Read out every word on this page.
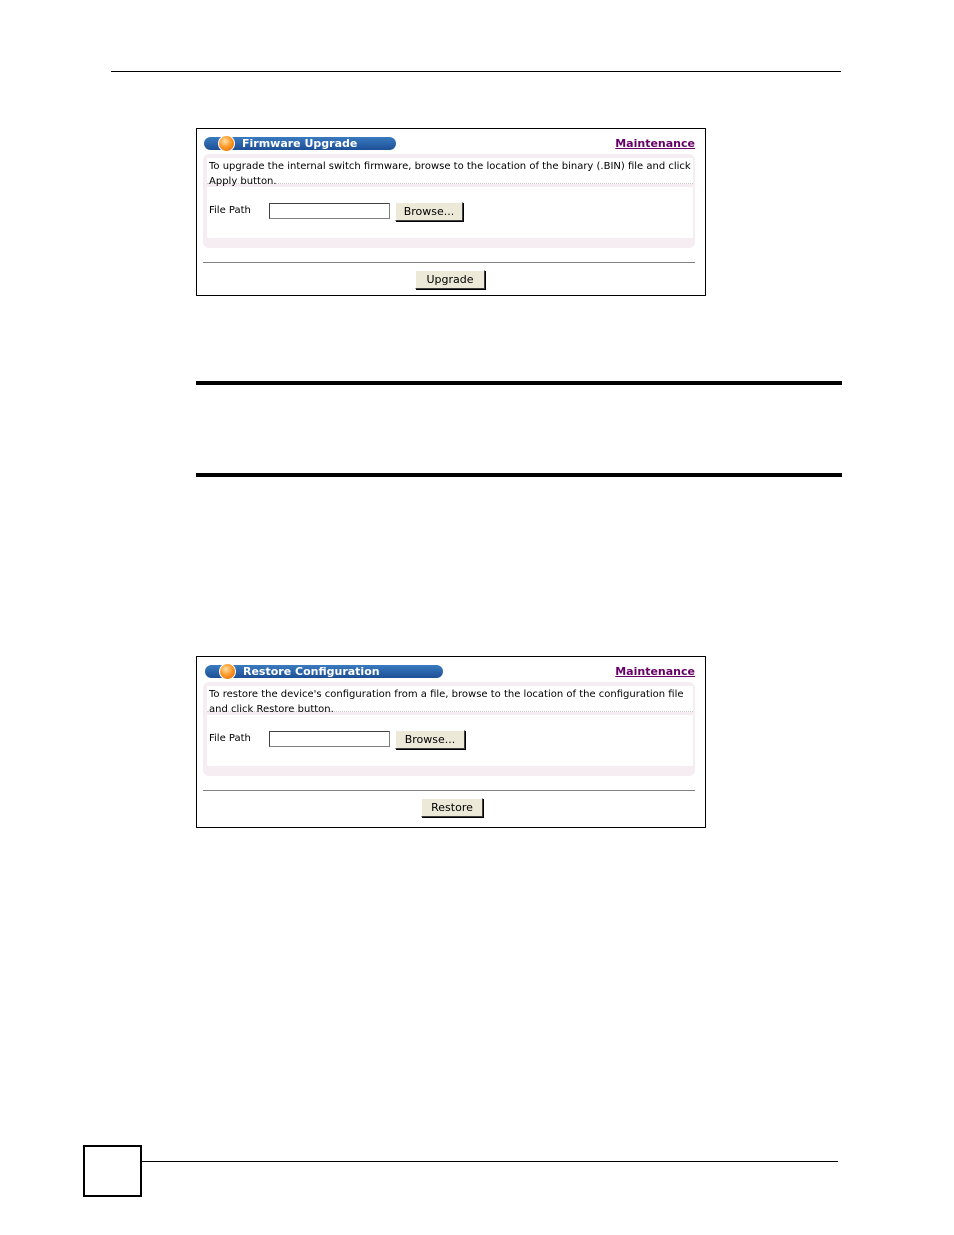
Firmware Upgrade	Maintenance
To upgrade the internal switch firmware, browse to the location of the binary (.BIN) file and click Apply button.
File Path	Browse...
Upgrade
Restore Configuration	Maintenance
To restore the device's configuration from a file, browse to the location of the configuration file and click Restore button.
File Path	Browse...
Restore
